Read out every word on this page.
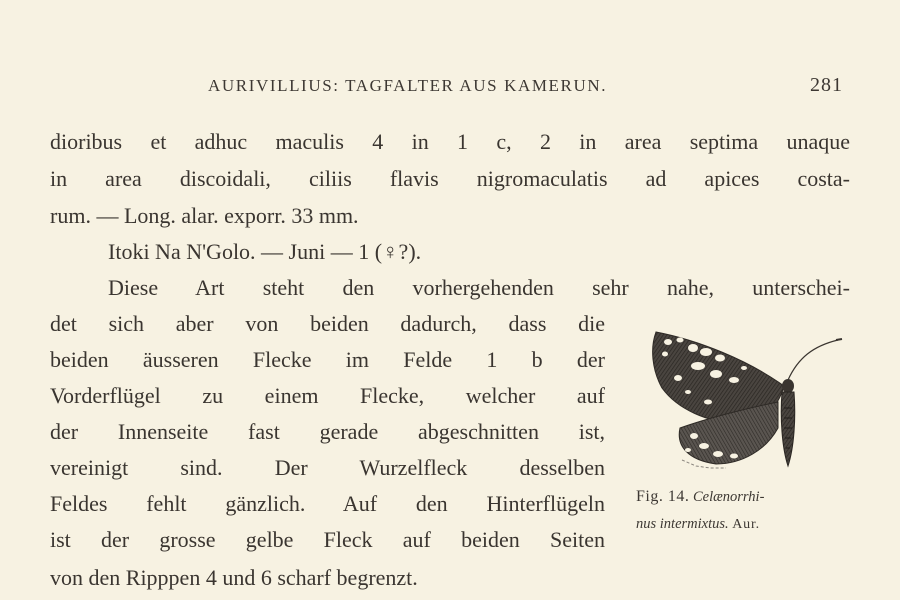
AURIVILLIUS: TAGFALTER AUS KAMERUN.	281
dioribus et adhuc maculis 4 in 1 c, 2 in area septima unaque
in area discoidali, ciliis flavis nigromaculatis ad apices costa-
rum. — Long. alar. exporr. 33 mm.
Itoki Na N'Golo. — Juni — 1 (♀?).
Diese Art steht den vorhergehenden sehr nahe, unterschei-
det sich aber von beiden dadurch, dass die
beiden äusseren Flecke im Felde 1 b der
Vorderflügel zu einem Flecke, welcher auf
der Innenseite fast gerade abgeschnitten ist,
vereinigt sind. Der Wurzelfleck desselben
Feldes fehlt gänzlich. Auf den Hinterflügeln
ist der grosse gelbe Fleck auf beiden Seiten
von den Ripppen 4 und 6 scharf begrenzt.
Fig. 14. Celænorrhi-
nus intermixtus. Aur.
